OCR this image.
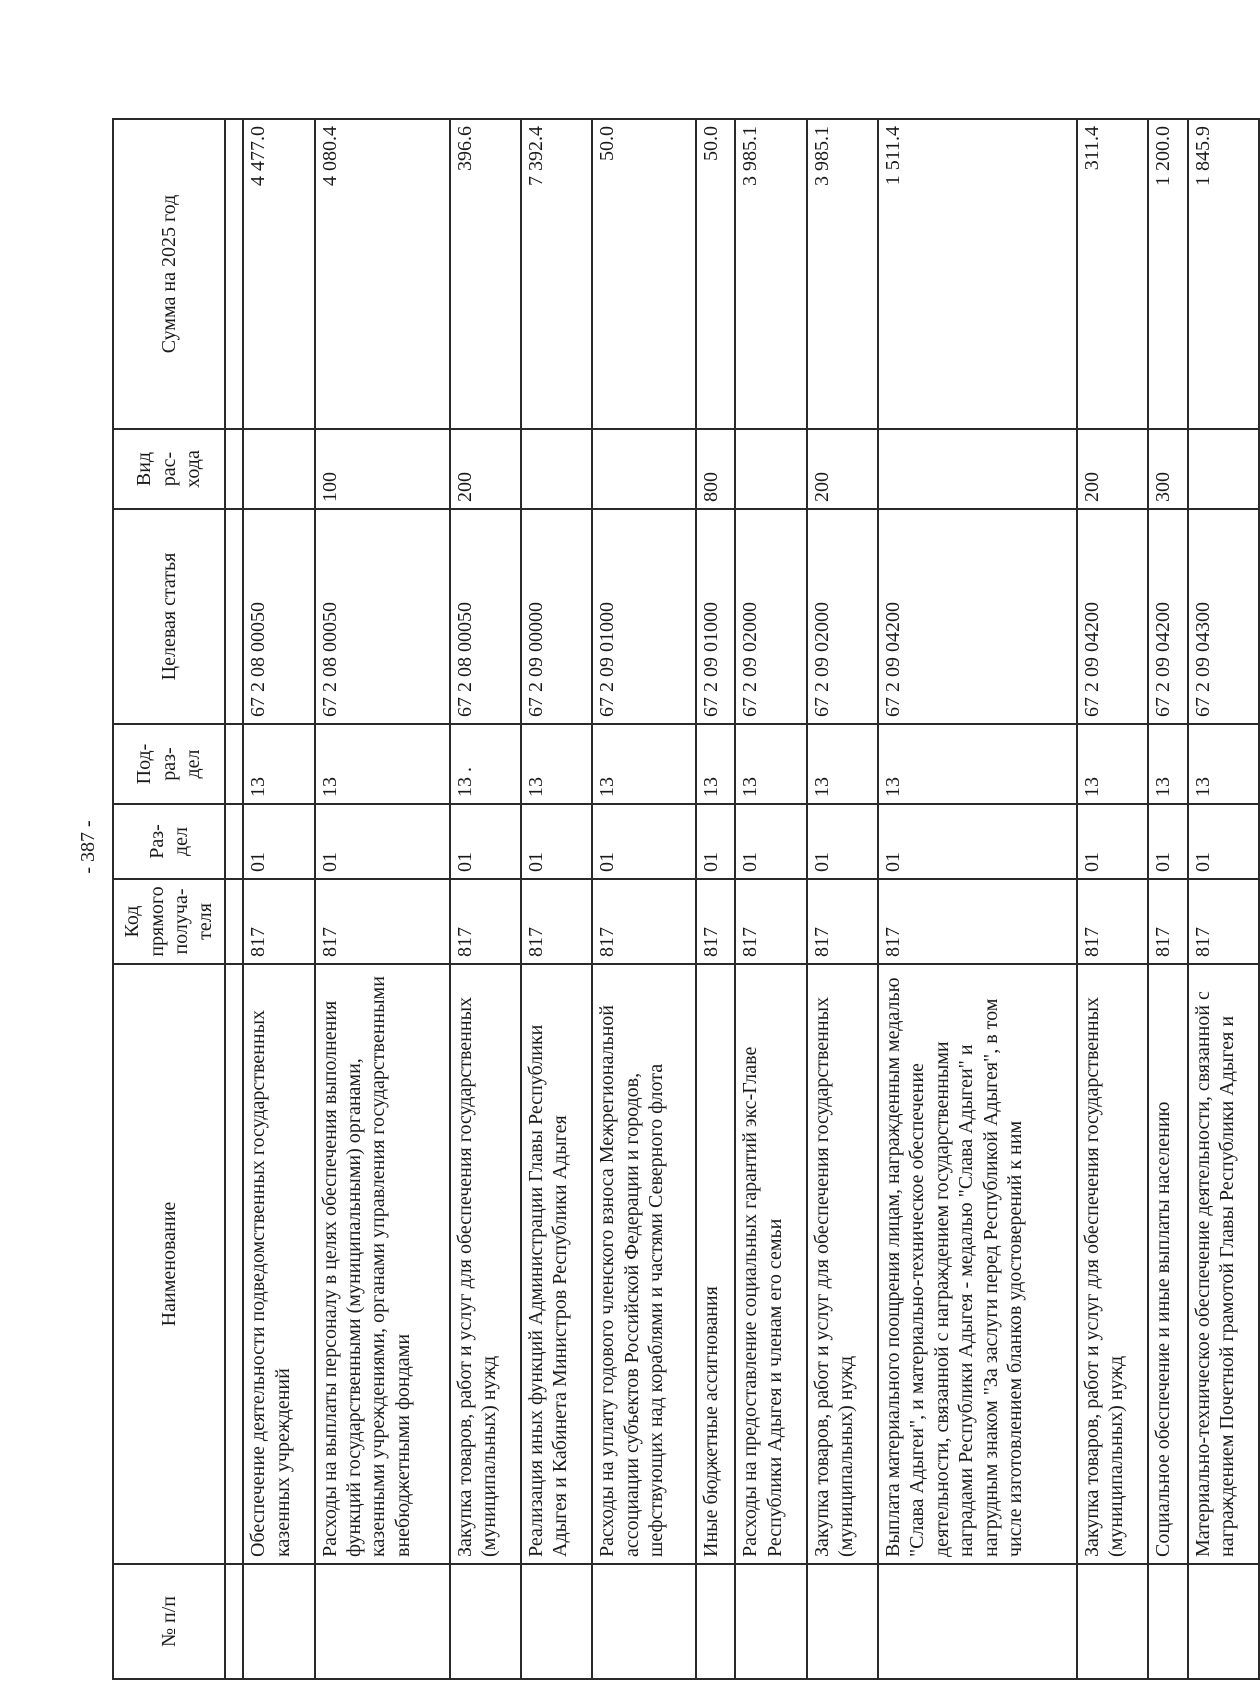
- 387 -
№ п/п	Наименование	Код прямого получа- теля	Раз- дел	Под- раз- дел	Целевая статья	Вид рас- хода	Сумма на 2025 год

	Обеспечение деятельности подведомственных государственных казенных учреждений	817	01	13	67 2 08 00050		4 477.0
	Расходы на выплаты персоналу в целях обеспечения выполнения функций государственными (муниципальными) органами, казенными учреждениями, органами управления государственными внебюджетными фондами	817	01	13	67 2 08 00050	100	4 080.4
	Закупка товаров, работ и услуг для обеспечения государственных (муниципальных) нужд	817	01	13 .	67 2 08 00050	200	396.6
	Реализация иных функций Администрации Главы Республики Адыгея и Кабинета Министров Республики Адыгея	817	01	13	67 2 09 00000		7 392.4
	Расходы на уплату годового членского взноса Межрегиональной ассоциации субъектов Российской Федерации и городов, шефствующих над кораблями и частями Северного флота	817	01	13	67 2 09 01000		50.0
	Иные бюджетные ассигнования	817	01	13	67 2 09 01000	800	50.0
	Расходы на предоставление социальных гарантий экс-Главе Республики Адыгея и членам его семьи	817	01	13	67 2 09 02000		3 985.1
	Закупка товаров, работ и услуг для обеспечения государственных (муниципальных) нужд	817	01	13	67 2 09 02000	200	3 985.1
	Выплата материального поощрения лицам, награжденным медалью "Слава Адыгеи", и материально-техническое обеспечение деятельности, связанной с награждением государственными наградами Республики Адыгея - медалью "Слава Адыгеи" и нагрудным знаком "За заслуги перед Республикой Адыгея", в том числе изготовлением бланков удостоверений к ним	817	01	13	67 2 09 04200		1 511.4
	Закупка товаров, работ и услуг для обеспечения государственных (муниципальных) нужд	817	01	13	67 2 09 04200	200	311.4
	Социальное обеспечение и иные выплаты населению	817	01	13	67 2 09 04200	300	1 200.0
	Материально-техническое обеспечение деятельности, связанной с награждением Почетной грамотой Главы Республики Адыгея и	817	01	13	67 2 09 04300		1 845.9
